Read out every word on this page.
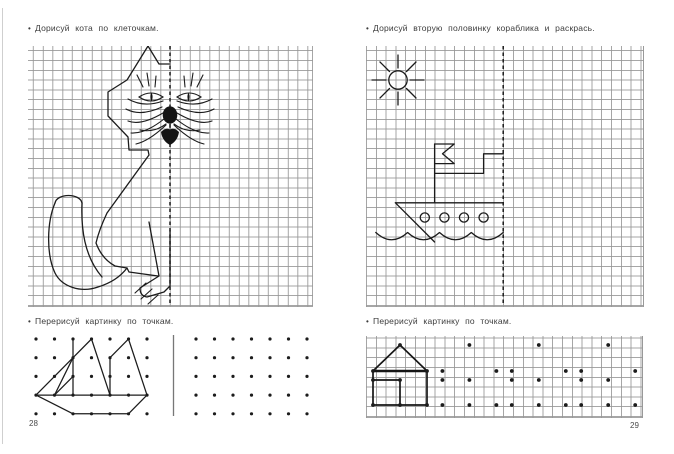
• Дорисуй кота по клеточкам.	• Дорисуй вторую половинку кораблика и раскрась.
• Перерисуй картинку по точкам.	• Перерисуй картинку по точкам.
28	29
